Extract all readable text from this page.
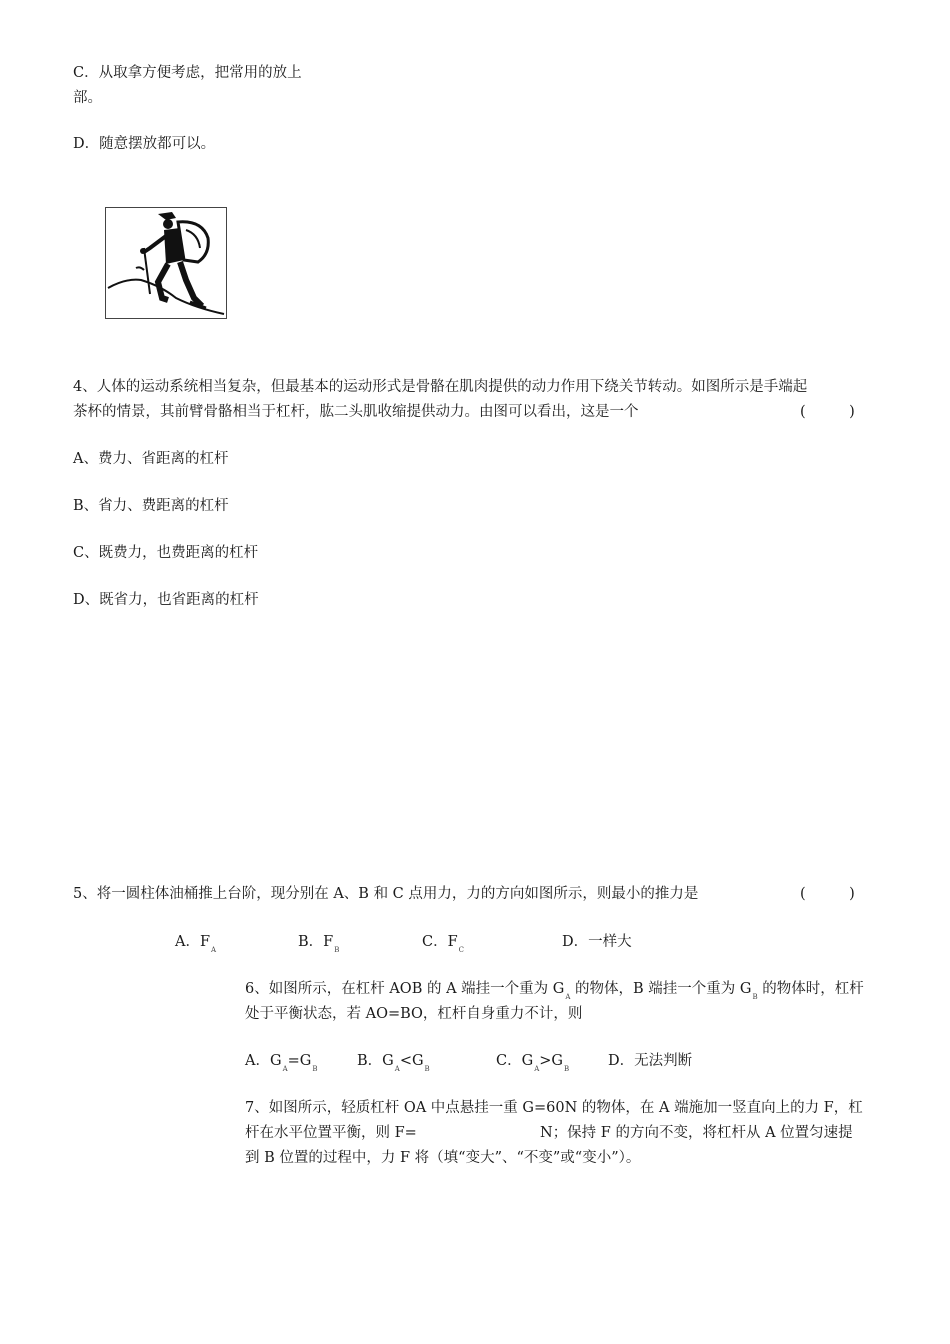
C．从取拿方便考虑，把常用的放上
部。
D．随意摆放都可以。
4、人体的运动系统相当复杂，但最基本的运动形式是骨骼在肌肉提供的动力作用下绕关节转动。如图所示是手端起
茶杯的情景，其前臂骨骼相当于杠杆，肱二头肌收缩提供动力。由图可以看出，这是一个	(　　　)
A、费力、省距离的杠杆
B、省力、费距离的杠杆
C、既费力，也费距离的杠杆
D、既省力，也省距离的杠杆
5、将一圆柱体油桶推上台阶，现分别在 A、B 和 C 点用力，力的方向如图所示，则最小的推力是	(　　　)
A．$F_A$	B．$F_B$	C．$F_C$	D．一样大
6、如图所示，在杠杆 AOB 的 A 端挂一个重为 $G_A$ 的物体，B 端挂一个重为 $G_B$ 的物体时，杠杆
处于平衡状态，若 AO=BO，杠杆自身重力不计，则
A．$G_A=G_B$	B．$G_A<G_B$	C．$G_A>G_B$	D．无法判断
7、如图所示，轻质杠杆 OA 中点悬挂一重 G=60N 的物体，在 A 端施加一竖直向上的力 F，杠
杆在水平位置平衡，则 F=	N；保持 F 的方向不变，将杠杆从 A 位置匀速提
到 B 位置的过程中，力 F 将（填“变大”、“不变”或“变小”）。
